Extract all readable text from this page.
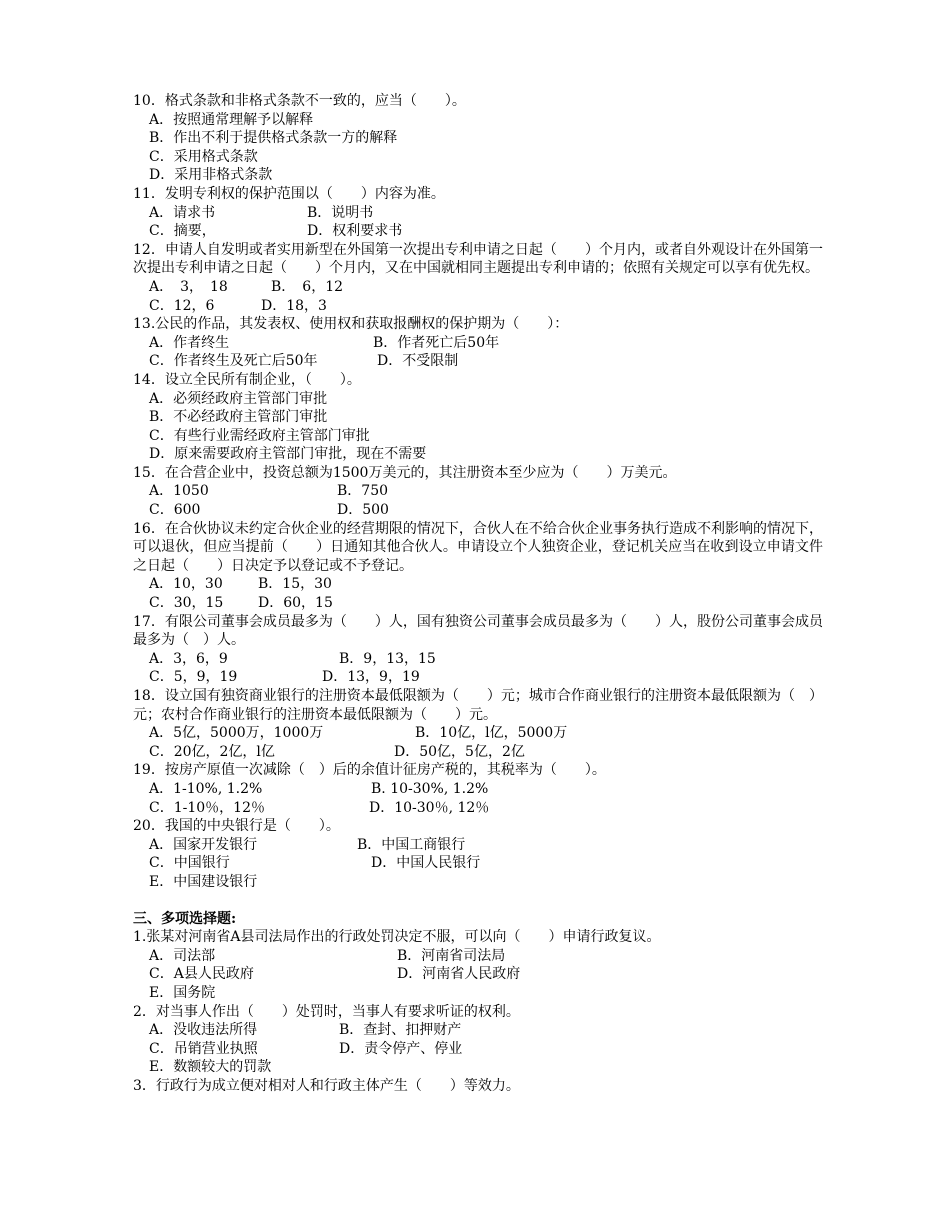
10．格式条款和非格式条款不一致的，应当（　　）。
A．按照通常理解予以解释
B．作出不利于提供格式条款一方的解释
C．采用格式条款
D．采用非格式条款
11．发明专利权的保护范围以（　　）内容为准。
A．请求书	B．说明书
C．摘要，	D．权利要求书
12．申请人自发明或者实用新型在外国第一次提出专利申请之日起（　　）个月内，或者自外观设计在外国第一次提出专利申请之日起（　　）个月内，又在中国就相同主题提出专利申请的；依照有关规定可以享有优先权。
A．　3，　18	B．　6，12
C．12，6	D．18，3
13.公民的作品，其发表权、使用权和获取报酬权的保护期为（　　）：
A．作者终生	B．作者死亡后50年
C．作者终生及死亡后50年	D．不受限制
14．设立全民所有制企业，（　　）。
A．必须经政府主管部门审批
B．不必经政府主管部门审批
C．有些行业需经政府主管部门审批
D．原来需要政府主管部门审批，现在不需要
15．在合营企业中，投资总额为1500万美元的，其注册资本至少应为（　　）万美元。
A．1050	B．750
C．600	D．500
16．在合伙协议未约定合伙企业的经营期限的情况下，合伙人在不给合伙企业事务执行造成不利影响的情况下，可以退伙，但应当提前（　　）日通知其他合伙人。申请设立个人独资企业，登记机关应当在收到设立申请文件之日起（　　）日决定予以登记或不予登记。
A．10，30	B．15，30
C．30，15 D．60，15
17．有限公司董事会成员最多为（　　）人，国有独资公司董事会成员最多为（　　）人，股份公司董事会成员最多为（　）人。
A．3，6，9	B．9，13，15
C．5，9，19	D．13，9，19
18．设立国有独资商业银行的注册资本最低限额为（　　）元；城市合作商业银行的注册资本最低限额为（　）元；农村合作商业银行的注册资本最低限额为（　　）元。
A．5亿，5000万，1000万	B．10亿，l亿，5000万
C．20亿，2亿，l亿	D．50亿，5亿，2亿
19．按房产原值一次减除（　）后的余值计征房产税的，其税率为（　　）。
A．1-10%, 1.2%	B. 10-30%, 1.2%
C．1-10％，12％	D．10-30％, 12％
20．我国的中央银行是（　　）。
A．国家开发银行	B．中国工商银行
C．中国银行	D．中国人民银行
E．中国建设银行
三、多项选择题:
1.张某对河南省A县司法局作出的行政处罚决定不服，可以向（　　）申请行政复议。
A．司法部	B．河南省司法局
C．A县人民政府	D．河南省人民政府
E．国务院
2．对当事人作出（　　）处罚时，当事人有要求听证的权利。
A．没收违法所得	B．查封、扣押财产
C．吊销营业执照	D．责令停产、停业
E．数额较大的罚款
3．行政行为成立便对相对人和行政主体产生（　　）等效力。
